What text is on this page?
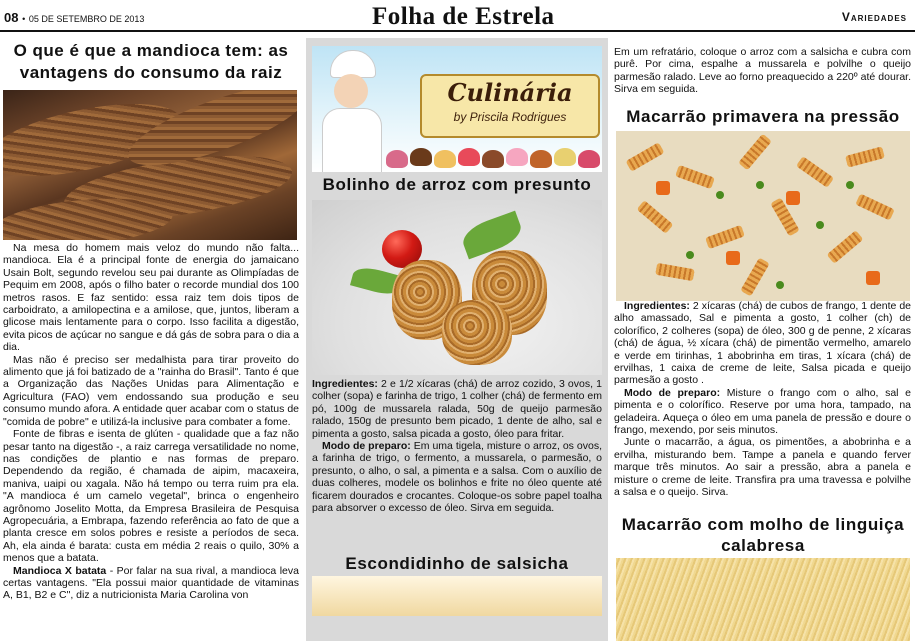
08 • 05 DE SETEMBRO DE 2013	Folha de Estrela	Variedades
O que é que a mandioca tem: as vantagens do consumo da raiz

Na mesa do homem mais veloz do mundo não falta... mandioca. Ela é a principal fonte de energia do jamaicano Usain Bolt, segundo revelou seu pai durante as Olimpíadas de Pequim em 2008, após o filho bater o recorde mundial dos 100 metros rasos. E faz sentido: essa raiz tem dois tipos de carboidrato, a amilopectina e a amilose, que, juntos, liberam a glicose mais lentamente para o corpo. Isso facilita a digestão, evita picos de açúcar no sangue e dá gás de sobra para o dia a dia.

Mas não é preciso ser medalhista para tirar proveito do alimento que já foi batizado de a "rainha do Brasil". Tanto é que a Organização das Nações Unidas para Alimentação e Agricultura (FAO) vem endossando sua produção e seu consumo mundo afora. A entidade quer acabar com o status de "comida de pobre" e utilizá-la inclusive para combater a fome.

Fonte de fibras e isenta de glúten - qualidade que a faz não pesar tanto na digestão -, a raiz carrega versatilidade no nome, nas condições de plantio e nas formas de preparo. Dependendo da região, é chamada de aipim, macaxeira, maniva, uaipi ou xagala. Não há tempo ou terra ruim pra ela. "A mandioca é um camelo vegetal", brinca o engenheiro agrônomo Joselito Motta, da Empresa Brasileira de Pesquisa Agropecuária, a Embrapa, fazendo referência ao fato de que a planta cresce em solos pobres e resiste a períodos de seca. Ah, ela ainda é barata: custa em média 2 reais o quilo, 30% a menos que a batata.

Mandioca X batata - Por falar na sua rival, a mandioca leva certas vantagens. "Ela possui maior quantidade de vitaminas A, B1, B2 e C", diz a nutricionista Maria Carolina von

Culinária
by Priscila Rodrigues
Bolinho de arroz com presunto

Ingredientes: 2 e 1/2 xícaras (chá) de arroz cozido, 3 ovos, 1 colher (sopa) e farinha de trigo, 1 colher (chá) de fermento em pó, 100g de mussarela ralada, 50g de queijo parmesão ralado, 150g de presunto bem picado, 1 dente de alho, sal e pimenta a gosto, salsa picada a gosto, óleo para fritar.

Modo de preparo: Em uma tigela, misture o arroz, os ovos, a farinha de trigo, o fermento, a mussarela, o parmesão, o presunto, o alho, o sal, a pimenta e a salsa. Com o auxílio de duas colheres, modele os bolinhos e frite no óleo quente até ficarem dourados e crocantes. Coloque-os sobre papel toalha para absorver o excesso de óleo. Sirva em seguida.

Escondidinho de salsicha

Em um refratário, coloque o arroz com a salsicha e cubra com purê. Por cima, espalhe a mussarela e polvilhe o queijo parmesão ralado. Leve ao forno preaquecido a 220º até dourar. Sirva em seguida.

Macarrão primavera na pressão

Ingredientes: 2 xícaras (chá) de cubos de frango, 1 dente de alho amassado, Sal e pimenta a gosto, 1 colher (ch) de colorífico, 2 colheres (sopa) de óleo, 300 g de penne, 2 xícaras (chá) de água, ½ xícara (chá) de pimentão vermelho, amarelo e verde em tirinhas, 1 abobrinha em tiras, 1 xícara (chá) de ervilhas, 1 caixa de creme de leite, Salsa picada e queijo parmesão a gosto .

Modo de preparo: Misture o frango com o alho, sal e pimenta e o colorífico. Reserve por uma hora, tampado, na geladeira. Aqueça o óleo em uma panela de pressão e doure o frango, mexendo, por seis minutos.

Junte o macarrão, a água, os pimentões, a abobrinha e a ervilha, misturando bem. Tampe a panela e quando ferver marque três minutos. Ao sair a pressão, abra a panela e misture o creme de leite. Transfira pra uma travessa e polvilhe a salsa e o queijo. Sirva.

Macarrão com molho de linguiça calabresa
